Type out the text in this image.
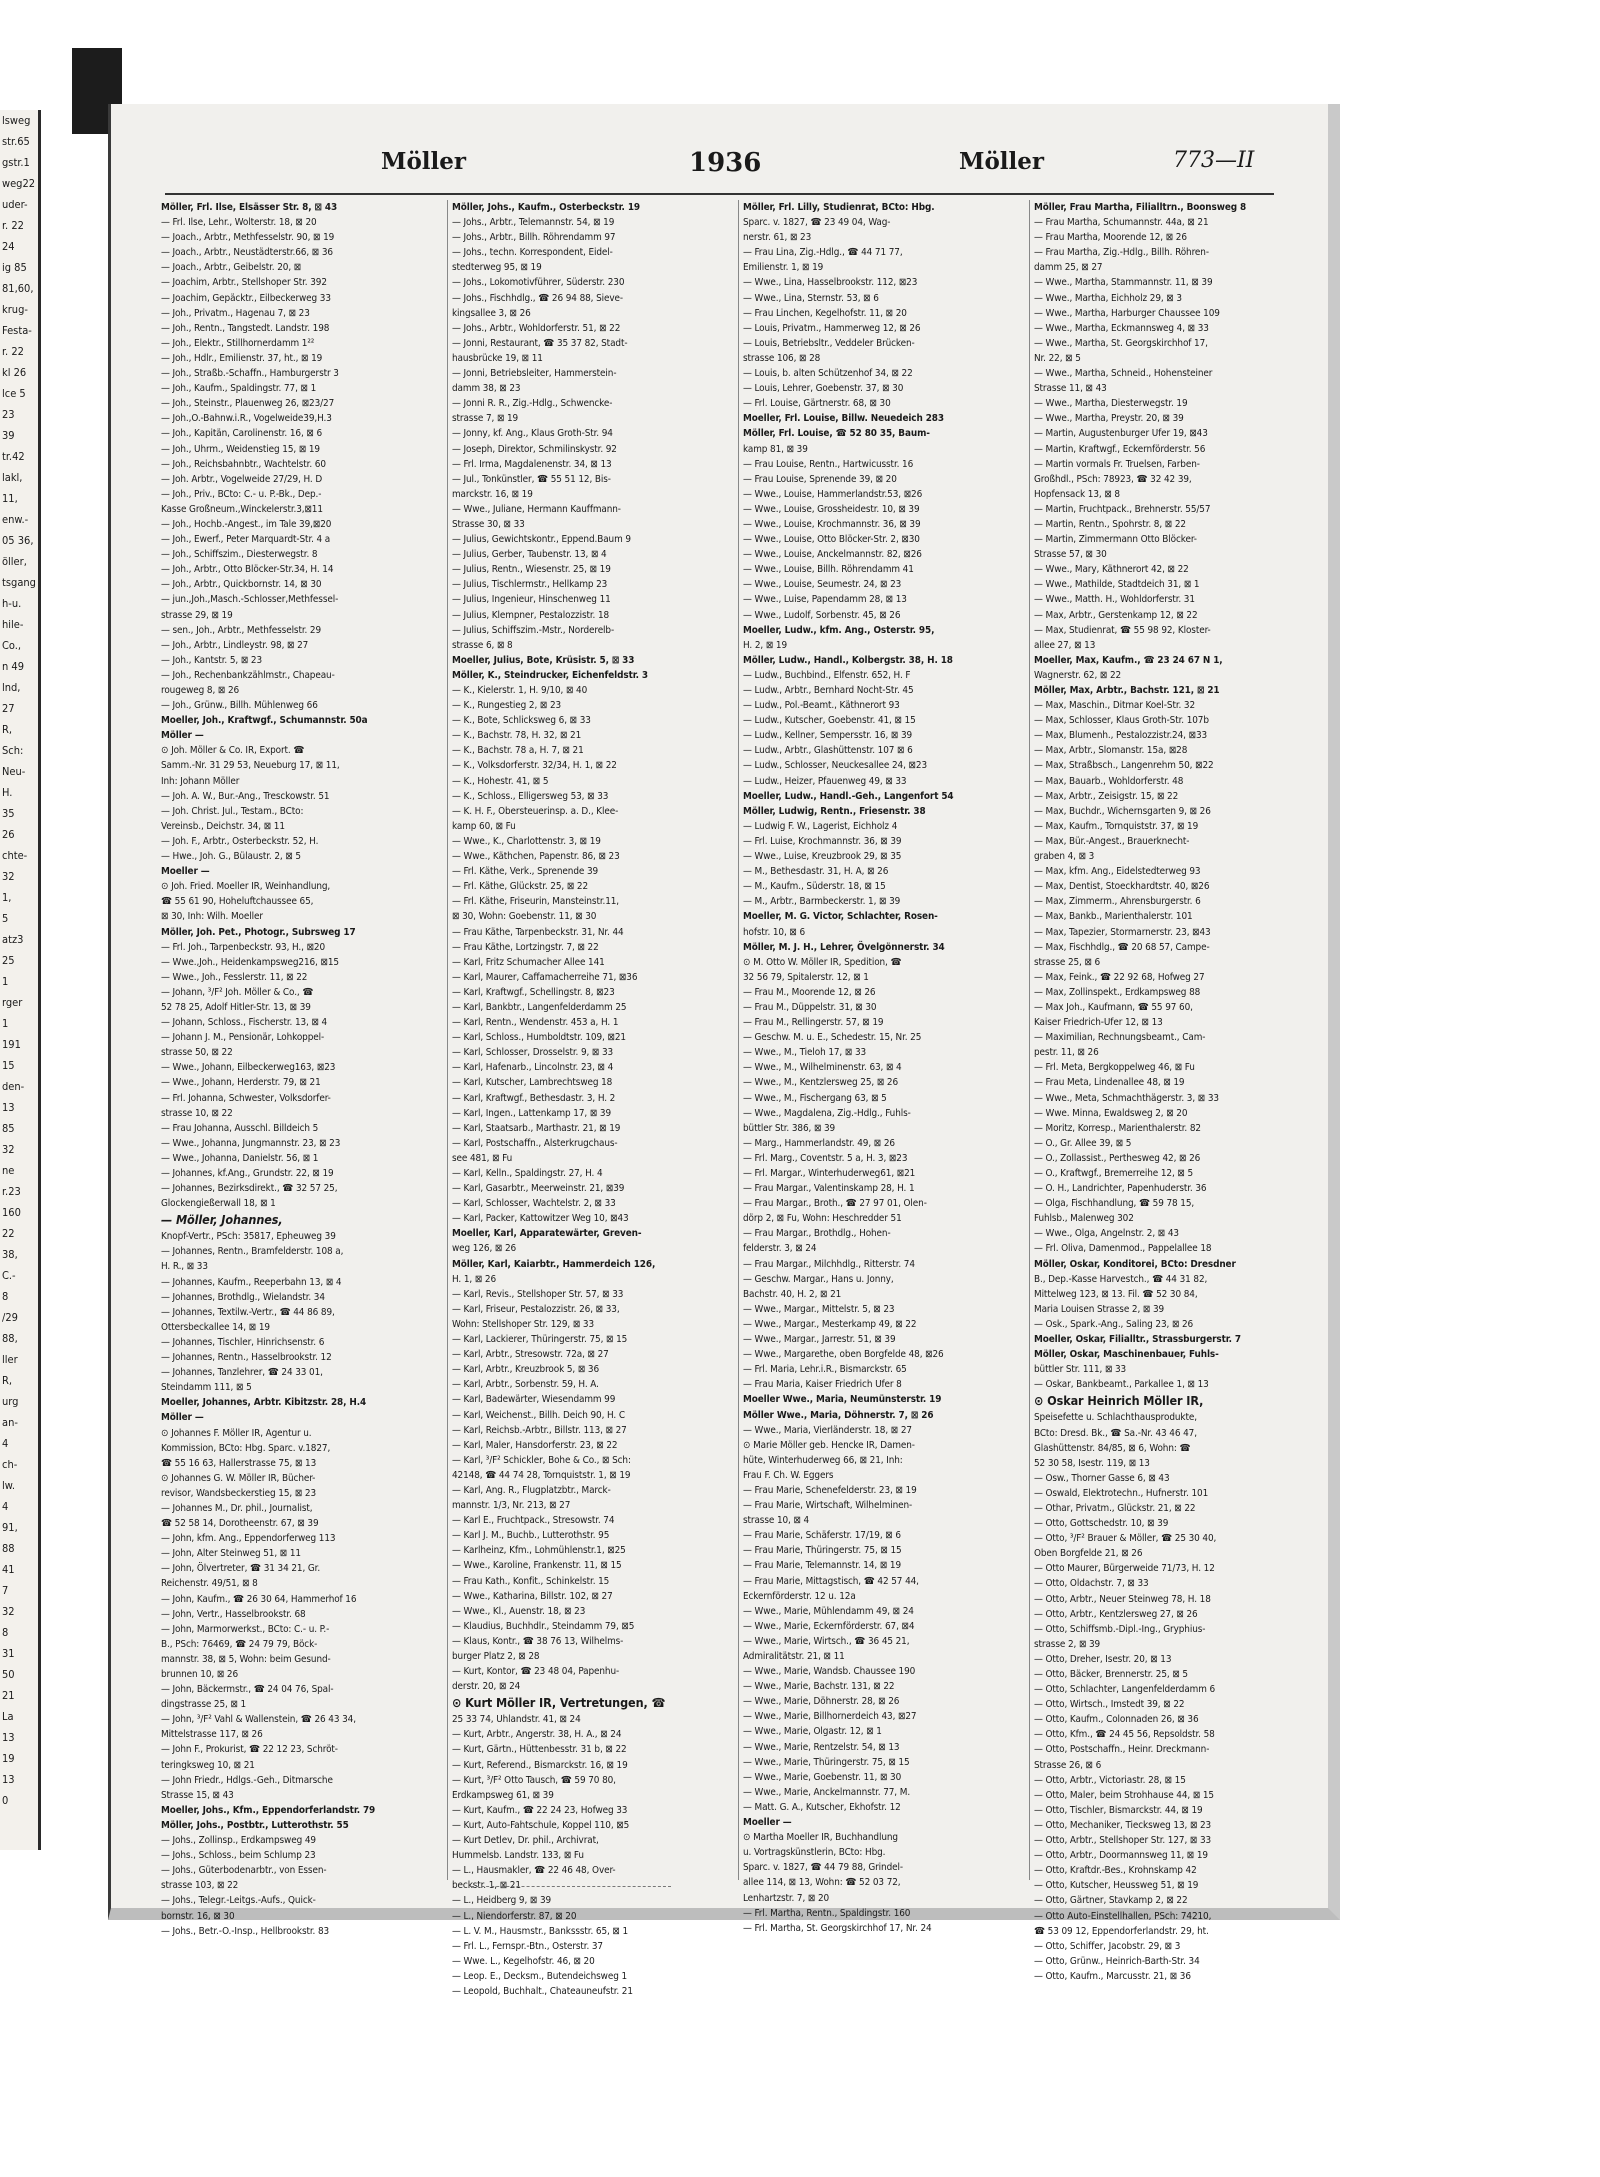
lsweg
str.65
gstr.1
weg22
uder-
r. 22
24
ig 85
81,60,
krug-
Festa-
r. 22
kl 26
lce 5
23
39
tr.42
lakl,
11,
enw.-
05 36,
öller,
tsgang
h-u.
hile-
Co.,
n 49
lnd,
27
R,
Sch:
Neu-
H.
35
26
chte-
32
1,
5
atz3
25
1
rger
1
191
15
den-
13
85
32
ne
r.23
160
22
38,
C.-
8
/29
88,
ller
R,
urg
an-
4
ch-
lw.
4
91,
88
41
7
32
8
31
50
21
La
13
19
13
0
Möller	1936	Möller	773—II
Möller, Frl. Ilse, Elsässer Str. 8, ⊠ 43
— Frl. Ilse, Lehr., Wolterstr. 18, ⊠ 20
— Joach., Arbtr., Methfesselstr. 90, ⊠ 19
— Joach., Arbtr., Neustädterstr.66, ⊠ 36
— Joach., Arbtr., Geibelstr. 20, ⊠
— Joachim, Arbtr., Stellshoper Str. 392
— Joachim, Gepäcktr., Eilbeckerweg 33
— Joh., Privatm., Hagenau 7, ⊠ 23
— Joh., Rentn., Tangstedt. Landstr. 198
— Joh., Elektr., Stillhornerdamm 1²²
— Joh., Hdlr., Emilienstr. 37, ht., ⊠ 19
— Joh., Straßb.-Schaffn., Hamburgerstr 3
— Joh., Kaufm., Spaldingstr. 77, ⊠ 1
— Joh., Steinstr., Plauenweg 26, ⊠23/27
— Joh.,O.-Bahnw.i.R., Vogelweide39,H.3
— Joh., Kapitän, Carolinenstr. 16, ⊠ 6
— Joh., Uhrm., Weidenstieg 15, ⊠ 19
— Joh., Reichsbahnbtr., Wachtelstr. 60
— Joh. Arbtr., Vogelweide 27/29, H. D
— Joh., Priv., BCto: C.- u. P.-Bk., Dep.-
Kasse Großneum.,Winckelerstr.3,⊠11
— Joh., Hochb.-Angest., im Tale 39,⊠20
— Joh., Ewerf., Peter Marquardt-Str. 4 a
— Joh., Schiffszim., Diesterwegstr. 8
— Joh., Arbtr., Otto Blöcker-Str.34, H. 14
— Joh., Arbtr., Quickbornstr. 14, ⊠ 30
— jun.,Joh.,Masch.-Schlosser,Methfessel-
strasse 29, ⊠ 19
— sen., Joh., Arbtr., Methfesselstr. 29
— Joh., Arbtr., Lindleystr. 98, ⊠ 27
— Joh., Kantstr. 5, ⊠ 23
— Joh., Rechenbankzählmstr., Chapeau-
rougeweg 8, ⊠ 26
— Joh., Grünw., Billh. Mühlenweg 66
Moeller, Joh., Kraftwgf., Schumannstr. 50a
Möller —
⊙ Joh. Möller & Co. IR, Export. ☎
Samm.-Nr. 31 29 53, Neueburg 17, ⊠ 11,
Inh: Johann Möller
— Joh. A. W., Bur.-Ang., Tresckowstr. 51
— Joh. Christ. Jul., Testam., BCto:
Vereinsb., Deichstr. 34, ⊠ 11
— Joh. F., Arbtr., Osterbeckstr. 52, H.
— Hwe., Joh. G., Bülaustr. 2, ⊠ 5
Moeller —
⊙ Joh. Fried. Moeller IR, Weinhandlung,
☎ 55 61 90, Hoheluftchaussee 65,
⊠ 30, Inh: Wilh. Moeller
Möller, Joh. Pet., Photogr., Subrsweg 17
— Frl. Joh., Tarpenbeckstr. 93, H., ⊠20
— Wwe.,Joh., Heidenkampsweg216, ⊠15
— Wwe., Joh., Fesslerstr. 11, ⊠ 22
— Johann, ³/F² Joh. Möller & Co., ☎
52 78 25, Adolf Hitler-Str. 13, ⊠ 39
— Johann, Schloss., Fischerstr. 13, ⊠ 4
— Johann J. M., Pensionär, Lohkoppel-
strasse 50, ⊠ 22
— Wwe., Johann, Eilbeckerweg163, ⊠23
— Wwe., Johann, Herderstr. 79, ⊠ 21
— Frl. Johanna, Schwester, Volksdorfer-
strasse 10, ⊠ 22
— Frau Johanna, Ausschl. Billdeich 5
— Wwe., Johanna, Jungmannstr. 23, ⊠ 23
— Wwe., Johanna, Danielstr. 56, ⊠ 1
— Johannes, kf.Ang., Grundstr. 22, ⊠ 19
— Johannes, Bezirksdirekt., ☎ 32 57 25,
Glockengießerwall 18, ⊠ 1
— Möller, Johannes,
Knopf-Vertr., PSch: 35817, Epheuweg 39
— Johannes, Rentn., Bramfelderstr. 108 a,
H. R., ⊠ 33
— Johannes, Kaufm., Reeperbahn 13, ⊠ 4
— Johannes, Brothdlg., Wielandstr. 34
— Johannes, Textilw.-Vertr., ☎ 44 86 89,
Ottersbeckallee 14, ⊠ 19
— Johannes, Tischler, Hinrichsenstr. 6
— Johannes, Rentn., Hasselbrookstr. 12
— Johannes, Tanzlehrer, ☎ 24 33 01,
Steindamm 111, ⊠ 5
Moeller, Johannes, Arbtr. Kibitzstr. 28, H.4
Möller —
⊙ Johannes F. Möller IR, Agentur u.
Kommission, BCto: Hbg. Sparc. v.1827,
☎ 55 16 63, Hallerstrasse 75, ⊠ 13
⊙ Johannes G. W. Möller IR, Bücher-
revisor, Wandsbeckerstieg 15, ⊠ 23
— Johannes M., Dr. phil., Journalist,
☎ 52 58 14, Dorotheenstr. 67, ⊠ 39
— John, kfm. Ang., Eppendorferweg 113
— John, Alter Steinweg 51, ⊠ 11
— John, Ölvertreter, ☎ 31 34 21, Gr.
Reichenstr. 49/51, ⊠ 8
— John, Kaufm., ☎ 26 30 64, Hammerhof 16
— John, Vertr., Hasselbrookstr. 68
— John, Marmorwerkst., BCto: C.- u. P.-
B., PSch: 76469, ☎ 24 79 79, Böck-
mannstr. 38, ⊠ 5, Wohn: beim Gesund-
brunnen 10, ⊠ 26
— John, Bäckermstr., ☎ 24 04 76, Spal-
dingstrasse 25, ⊠ 1
— John, ³/F² Vahl & Wallenstein, ☎ 26 43 34,
Mittelstrasse 117, ⊠ 26
— John F., Prokurist, ☎ 22 12 23, Schröt-
teringksweg 10, ⊠ 21
— John Friedr., Hdlgs.-Geh., Ditmarsche
Strasse 15, ⊠ 43
Moeller, Johs., Kfm., Eppendorferlandstr. 79
Möller, Johs., Postbtr., Lutterothstr. 55
— Johs., Zollinsp., Erdkampsweg 49
— Johs., Schloss., beim Schlump 23
— Johs., Güterbodenarbtr., von Essen-
strasse 103, ⊠ 22
— Johs., Telegr.-Leitgs.-Aufs., Quick-
bornstr. 16, ⊠ 30
— Johs., Betr.-O.-Insp., Hellbrookstr. 83
Möller, Johs., Kaufm., Osterbeckstr. 19
— Johs., Arbtr., Telemannstr. 54, ⊠ 19
— Johs., Arbtr., Billh. Röhrendamm 97
— Johs., techn. Korrespondent, Eidel-
stedterweg 95, ⊠ 19
— Johs., Lokomotivführer, Süderstr. 230
— Johs., Fischhdlg., ☎ 26 94 88, Sieve-
kingsallee 3, ⊠ 26
— Johs., Arbtr., Wohldorferstr. 51, ⊠ 22
— Jonni, Restaurant, ☎ 35 37 82, Stadt-
hausbrücke 19, ⊠ 11
— Jonni, Betriebsleiter, Hammerstein-
damm 38, ⊠ 23
— Jonni R. R., Zig.-Hdlg., Schwencke-
strasse 7, ⊠ 19
— Jonny, kf. Ang., Klaus Groth-Str. 94
— Joseph, Direktor, Schmilinskystr. 92
— Frl. Irma, Magdalenenstr. 34, ⊠ 13
— Jul., Tonkünstler, ☎ 55 51 12, Bis-
marckstr. 16, ⊠ 19
— Wwe., Juliane, Hermann Kauffmann-
Strasse 30, ⊠ 33
— Julius, Gewichtskontr., Eppend.Baum 9
— Julius, Gerber, Taubenstr. 13, ⊠ 4
— Julius, Rentn., Wiesenstr. 25, ⊠ 19
— Julius, Tischlermstr., Hellkamp 23
— Julius, Ingenieur, Hinschenweg 11
— Julius, Klempner, Pestalozzistr. 18
— Julius, Schiffszim.-Mstr., Norderelb-
strasse 6, ⊠ 8
Moeller, Julius, Bote, Krüsistr. 5, ⊠ 33
Möller, K., Steindrucker, Eichenfeldstr. 3
— K., Kielerstr. 1, H. 9/10, ⊠ 40
— K., Rungestieg 2, ⊠ 23
— K., Bote, Schlicksweg 6, ⊠ 33
— K., Bachstr. 78, H. 32, ⊠ 21
— K., Bachstr. 78 a, H. 7, ⊠ 21
— K., Volksdorferstr. 32/34, H. 1, ⊠ 22
— K., Hohestr. 41, ⊠ 5
— K., Schloss., Elligersweg 53, ⊠ 33
— K. H. F., Obersteuerinsp. a. D., Klee-
kamp 60, ⊠ Fu
— Wwe., K., Charlottenstr. 3, ⊠ 19
— Wwe., Käthchen, Papenstr. 86, ⊠ 23
— Frl. Käthe, Verk., Sprenende 39
— Frl. Käthe, Glückstr. 25, ⊠ 22
— Frl. Käthe, Friseurin, Mansteinstr.11,
⊠ 30, Wohn: Goebenstr. 11, ⊠ 30
— Frau Käthe, Tarpenbeckstr. 31, Nr. 44
— Frau Käthe, Lortzingstr. 7, ⊠ 22
— Karl, Fritz Schumacher Allee 141
— Karl, Maurer, Caffamacherreihe 71, ⊠36
— Karl, Kraftwgf., Schellingstr. 8, ⊠23
— Karl, Bankbtr., Langenfelderdamm 25
— Karl, Rentn., Wendenstr. 453 a, H. 1
— Karl, Schloss., Humboldtstr. 109, ⊠21
— Karl, Schlosser, Drosselstr. 9, ⊠ 33
— Karl, Hafenarb., Lincolnstr. 23, ⊠ 4
— Karl, Kutscher, Lambrechtsweg 18
— Karl, Kraftwgf., Bethesdastr. 3, H. 2
— Karl, Ingen., Lattenkamp 17, ⊠ 39
— Karl, Staatsarb., Marthastr. 21, ⊠ 19
— Karl, Postschaffn., Alsterkrugchaus-
see 481, ⊠ Fu
— Karl, Kelln., Spaldingstr. 27, H. 4
— Karl, Gasarbtr., Meerweinstr. 21, ⊠39
— Karl, Schlosser, Wachtelstr. 2, ⊠ 33
— Karl, Packer, Kattowitzer Weg 10, ⊠43
Moeller, Karl, Apparatewärter, Greven-
weg 126, ⊠ 26
Möller, Karl, Kaiarbtr., Hammerdeich 126,
H. 1, ⊠ 26
— Karl, Revis., Stellshoper Str. 57, ⊠ 33
— Karl, Friseur, Pestalozzistr. 26, ⊠ 33,
Wohn: Stellshoper Str. 129, ⊠ 33
— Karl, Lackierer, Thüringerstr. 75, ⊠ 15
— Karl, Arbtr., Stresowstr. 72a, ⊠ 27
— Karl, Arbtr., Kreuzbrook 5, ⊠ 36
— Karl, Arbtr., Sorbenstr. 59, H. A.
— Karl, Badewärter, Wiesendamm 99
— Karl, Weichenst., Billh. Deich 90, H. C
— Karl, Reichsb.-Arbtr., Billstr. 113, ⊠ 27
— Karl, Maler, Hansdorferstr. 23, ⊠ 22
— Karl, ³/F² Schickler, Bohe & Co., ⊠ Sch:
42148, ☎ 44 74 28, Tornquiststr. 1, ⊠ 19
— Karl, Ang. R., Flugplatzbtr., Marck-
mannstr. 1/3, Nr. 213, ⊠ 27
— Karl E., Fruchtpack., Stresowstr. 74
— Karl J. M., Buchb., Lutterothstr. 95
— Karlheinz, Kfm., Lohmühlenstr.1, ⊠25
— Wwe., Karoline, Frankenstr. 11, ⊠ 15
— Frau Kath., Konfit., Schinkelstr. 15
— Wwe., Katharina, Billstr. 102, ⊠ 27
— Wwe., Kl., Auenstr. 18, ⊠ 23
— Klaudius, Buchhdlr., Steindamm 79, ⊠5
— Klaus, Kontr., ☎ 38 76 13, Wilhelms-
burger Platz 2, ⊠ 28
— Kurt, Kontor, ☎ 23 48 04, Papenhu-
derstr. 20, ⊠ 24
⊙ Kurt Möller IR, Vertretungen, ☎
25 33 74, Uhlandstr. 41, ⊠ 24
— Kurt, Arbtr., Angerstr. 38, H. A., ⊠ 24
— Kurt, Gärtn., Hüttenbesstr. 31 b, ⊠ 22
— Kurt, Referend., Bismarckstr. 16, ⊠ 19
— Kurt, ³/F² Otto Tausch, ☎ 59 70 80,
Erdkampsweg 61, ⊠ 39
— Kurt, Kaufm., ☎ 22 24 23, Hofweg 33
— Kurt, Auto-Fahtschule, Koppel 110, ⊠5
— Kurt Detlev, Dr. phil., Archivrat,
Hummelsb. Landstr. 133, ⊠ Fu
— L., Hausmakler, ☎ 22 46 48, Over-
beckstr. 1, ⊠ 21
— L., Heidberg 9, ⊠ 39
— L., Niendorferstr. 87, ⊠ 20
— L. V. M., Hausmstr., Bankssstr. 65, ⊠ 1
— Frl. L., Fernspr.-Btn., Osterstr. 37
— Wwe. L., Kegelhofstr. 46, ⊠ 20
— Leop. E., Decksm., Butendeichsweg 1
— Leopold, Buchhalt., Chateauneufstr. 21
Möller, Frl. Lilly, Studienrat, BCto: Hbg.
Sparc. v. 1827, ☎ 23 49 04, Wag-
nerstr. 61, ⊠ 23
— Frau Lina, Zig.-Hdlg., ☎ 44 71 77,
Emilienstr. 1, ⊠ 19
— Wwe., Lina, Hasselbrookstr. 112, ⊠23
— Wwe., Lina, Sternstr. 53, ⊠ 6
— Frau Linchen, Kegelhofstr. 11, ⊠ 20
— Louis, Privatm., Hammerweg 12, ⊠ 26
— Louis, Betriebsltr., Veddeler Brücken-
strasse 106, ⊠ 28
— Louis, b. alten Schützenhof 34, ⊠ 22
— Louis, Lehrer, Goebenstr. 37, ⊠ 30
— Frl. Louise, Gärtnerstr. 68, ⊠ 30
Moeller, Frl. Louise, Billw. Neuedeich 283
Möller, Frl. Louise, ☎ 52 80 35, Baum-
kamp 81, ⊠ 39
— Frau Louise, Rentn., Hartwicusstr. 16
— Frau Louise, Sprenende 39, ⊠ 20
— Wwe., Louise, Hammerlandstr.53, ⊠26
— Wwe., Louise, Grossheidestr. 10, ⊠ 39
— Wwe., Louise, Krochmannstr. 36, ⊠ 39
— Wwe., Louise, Otto Blöcker-Str. 2, ⊠30
— Wwe., Louise, Anckelmannstr. 82, ⊠26
— Wwe., Louise, Billh. Röhrendamm 41
— Wwe., Louise, Seumestr. 24, ⊠ 23
— Wwe., Luise, Papendamm 28, ⊠ 13
— Wwe., Ludolf, Sorbenstr. 45, ⊠ 26
Moeller, Ludw., kfm. Ang., Osterstr. 95,
H. 2, ⊠ 19
Möller, Ludw., Handl., Kolbergstr. 38, H. 18
— Ludw., Buchbind., Elfenstr. 652, H. F
— Ludw., Arbtr., Bernhard Nocht-Str. 45
— Ludw., Pol.-Beamt., Käthnerort 93
— Ludw., Kutscher, Goebenstr. 41, ⊠ 15
— Ludw., Kellner, Sempersstr. 16, ⊠ 39
— Ludw., Arbtr., Glashüttenstr. 107 ⊠ 6
— Ludw., Schlosser, Neuckesallee 24, ⊠23
— Ludw., Heizer, Pfauenweg 49, ⊠ 33
Moeller, Ludw., Handl.-Geh., Langenfort 54
Möller, Ludwig, Rentn., Friesenstr. 38
— Ludwig F. W., Lagerist, Eichholz 4
— Frl. Luise, Krochmannstr. 36, ⊠ 39
— Wwe., Luise, Kreuzbrook 29, ⊠ 35
— M., Bethesdastr. 31, H. A, ⊠ 26
— M., Kaufm., Süderstr. 18, ⊠ 15
— M., Arbtr., Barmbeckerstr. 1, ⊠ 39
Moeller, M. G. Victor, Schlachter, Rosen-
hofstr. 10, ⊠ 6
Möller, M. J. H., Lehrer, Övelgönnerstr. 34
⊙ M. Otto W. Möller IR, Spedition, ☎
32 56 79, Spitalerstr. 12, ⊠ 1
— Frau M., Moorende 12, ⊠ 26
— Frau M., Düppelstr. 31, ⊠ 30
— Frau M., Rellingerstr. 57, ⊠ 19
— Geschw. M. u. E., Schedestr. 15, Nr. 25
— Wwe., M., Tieloh 17, ⊠ 33
— Wwe., M., Wilhelminenstr. 63, ⊠ 4
— Wwe., M., Kentzlersweg 25, ⊠ 26
— Wwe., M., Fischergang 63, ⊠ 5
— Wwe., Magdalena, Zig.-Hdlg., Fuhls-
büttler Str. 386, ⊠ 39
— Marg., Hammerlandstr. 49, ⊠ 26
— Frl. Marg., Coventstr. 5 a, H. 3, ⊠23
— Frl. Margar., Winterhuderweg61, ⊠21
— Frau Margar., Valentinskamp 28, H. 1
— Frau Margar., Broth., ☎ 27 97 01, Olen-
dörp 2, ⊠ Fu, Wohn: Heschredder 51
— Frau Margar., Brothdlg., Hohen-
felderstr. 3, ⊠ 24
— Frau Margar., Milchhdlg., Ritterstr. 74
— Geschw. Margar., Hans u. Jonny,
Bachstr. 40, H. 2, ⊠ 21
— Wwe., Margar., Mittelstr. 5, ⊠ 23
— Wwe., Margar., Mesterkamp 49, ⊠ 22
— Wwe., Margar., Jarrestr. 51, ⊠ 39
— Wwe., Margarethe, oben Borgfelde 48, ⊠26
— Frl. Maria, Lehr.i.R., Bismarckstr. 65
— Frau Maria, Kaiser Friedrich Ufer 8
Moeller Wwe., Maria, Neumünsterstr. 19
Möller Wwe., Maria, Döhnerstr. 7, ⊠ 26
— Wwe., Maria, Vierländerstr. 18, ⊠ 27
⊙ Marie Möller geb. Hencke IR, Damen-
hüte, Winterhuderweg 66, ⊠ 21, Inh:
Frau F. Ch. W. Eggers
— Frau Marie, Schenefelderstr. 23, ⊠ 19
— Frau Marie, Wirtschaft, Wilhelminen-
strasse 10, ⊠ 4
— Frau Marie, Schäferstr. 17/19, ⊠ 6
— Frau Marie, Thüringerstr. 75, ⊠ 15
— Frau Marie, Telemannstr. 14, ⊠ 19
— Frau Marie, Mittagstisch, ☎ 42 57 44,
Eckernförderstr. 12 u. 12a
— Wwe., Marie, Mühlendamm 49, ⊠ 24
— Wwe., Marie, Eckernförderstr. 67, ⊠4
— Wwe., Marie, Wirtsch., ☎ 36 45 21,
Admiralitätstr. 21, ⊠ 11
— Wwe., Marie, Wandsb. Chaussee 190
— Wwe., Marie, Bachstr. 131, ⊠ 22
— Wwe., Marie, Döhnerstr. 28, ⊠ 26
— Wwe., Marie, Billhornerdeich 43, ⊠27
— Wwe., Marie, Olgastr. 12, ⊠ 1
— Wwe., Marie, Rentzelstr. 54, ⊠ 13
— Wwe., Marie, Thüringerstr. 75, ⊠ 15
— Wwe., Marie, Goebenstr. 11, ⊠ 30
— Wwe., Marie, Anckelmannstr. 77, M.
— Matt. G. A., Kutscher, Ekhofstr. 12
Moeller —
⊙ Martha Moeller IR, Buchhandlung
u. Vortragskünstlerin, BCto: Hbg.
Sparc. v. 1827, ☎ 44 79 88, Grindel-
allee 114, ⊠ 13, Wohn: ☎ 52 03 72,
Lenhartzstr. 7, ⊠ 20
— Frl. Martha, Rentn., Spaldingstr. 160
— Frl. Martha, St. Georgskirchhof 17, Nr. 24
Möller, Frau Martha, Filialltrn., Boonsweg 8
— Frau Martha, Schumannstr. 44a, ⊠ 21
— Frau Martha, Moorende 12, ⊠ 26
— Frau Martha, Zig.-Hdlg., Billh. Röhren-
damm 25, ⊠ 27
— Wwe., Martha, Stammannstr. 11, ⊠ 39
— Wwe., Martha, Eichholz 29, ⊠ 3
— Wwe., Martha, Harburger Chaussee 109
— Wwe., Martha, Eckmannsweg 4, ⊠ 33
— Wwe., Martha, St. Georgskirchhof 17,
Nr. 22, ⊠ 5
— Wwe., Martha, Schneid., Hohensteiner
Strasse 11, ⊠ 43
— Wwe., Martha, Diesterwegstr. 19
— Wwe., Martha, Preystr. 20, ⊠ 39
— Martin, Augustenburger Ufer 19, ⊠43
— Martin, Kraftwgf., Eckernförderstr. 56
— Martin vormals Fr. Truelsen, Farben-
Großhdl., PSch: 78923, ☎ 32 42 39,
Hopfensack 13, ⊠ 8
— Martin, Fruchtpack., Brehnerstr. 55/57
— Martin, Rentn., Spohrstr. 8, ⊠ 22
— Martin, Zimmermann Otto Blöcker-
Strasse 57, ⊠ 30
— Wwe., Mary, Käthnerort 42, ⊠ 22
— Wwe., Mathilde, Stadtdeich 31, ⊠ 1
— Wwe., Matth. H., Wohldorferstr. 31
— Max, Arbtr., Gerstenkamp 12, ⊠ 22
— Max, Studienrat, ☎ 55 98 92, Kloster-
allee 27, ⊠ 13
Moeller, Max, Kaufm., ☎ 23 24 67 N 1,
Wagnerstr. 62, ⊠ 22
Möller, Max, Arbtr., Bachstr. 121, ⊠ 21
— Max, Maschin., Ditmar Koel-Str. 32
— Max, Schlosser, Klaus Groth-Str. 107b
— Max, Blumenh., Pestalozzistr.24, ⊠33
— Max, Arbtr., Slomanstr. 15a, ⊠28
— Max, Straßbsch., Langenrehm 50, ⊠22
— Max, Bauarb., Wohldorferstr. 48
— Max, Arbtr., Zeisigstr. 15, ⊠ 22
— Max, Buchdr., Wichernsgarten 9, ⊠ 26
— Max, Kaufm., Tornquiststr. 37, ⊠ 19
— Max, Bür.-Angest., Brauerknecht-
graben 4, ⊠ 3
— Max, kfm. Ang., Eidelstedterweg 93
— Max, Dentist, Stoeckhardtstr. 40, ⊠26
— Max, Zimmerm., Ahrensburgerstr. 6
— Max, Bankb., Marienthalerstr. 101
— Max, Tapezier, Stormarnerstr. 23, ⊠43
— Max, Fischhdlg., ☎ 20 68 57, Campe-
strasse 25, ⊠ 6
— Max, Feink., ☎ 22 92 68, Hofweg 27
— Max, Zollinspekt., Erdkampsweg 88
— Max Joh., Kaufmann, ☎ 55 97 60,
Kaiser Friedrich-Ufer 12, ⊠ 13
— Maximilian, Rechnungsbeamt., Cam-
pestr. 11, ⊠ 26
— Frl. Meta, Bergkoppelweg 46, ⊠ Fu
— Frau Meta, Lindenallee 48, ⊠ 19
— Wwe., Meta, Schmachthägerstr. 3, ⊠ 33
— Wwe. Minna, Ewaldsweg 2, ⊠ 20
— Moritz, Korresp., Marienthalerstr. 82
— O., Gr. Allee 39, ⊠ 5
— O., Zollassist., Perthesweg 42, ⊠ 26
— O., Kraftwgf., Bremerreihe 12, ⊠ 5
— O. H., Landrichter, Papenhuderstr. 36
— Olga, Fischhandlung, ☎ 59 78 15,
Fuhlsb., Malenweg 302
— Wwe., Olga, Angelnstr. 2, ⊠ 43
— Frl. Oliva, Damenmod., Pappelallee 18
Möller, Oskar, Konditorei, BCto: Dresdner
B., Dep.-Kasse Harvestch., ☎ 44 31 82,
Mittelweg 123, ⊠ 13. Fil. ☎ 52 30 84,
Maria Louisen Strasse 2, ⊠ 39
— Osk., Spark.-Ang., Saling 23, ⊠ 26
Moeller, Oskar, Filialltr., Strassburgerstr. 7
Möller, Oskar, Maschinenbauer, Fuhls-
büttler Str. 111, ⊠ 33
— Oskar, Bankbeamt., Parkallee 1, ⊠ 13
⊙ Oskar Heinrich Möller IR,
Speisefette u. Schlachthausprodukte,
BCto: Dresd. Bk., ☎ Sa.-Nr. 43 46 47,
Glashüttenstr. 84/85, ⊠ 6, Wohn: ☎
52 30 58, Isestr. 119, ⊠ 13
— Osw., Thorner Gasse 6, ⊠ 43
— Oswald, Elektrotechn., Hufnerstr. 101
— Othar, Privatm., Glückstr. 21, ⊠ 22
— Otto, Gottschedstr. 10, ⊠ 39
— Otto, ³/F² Brauer & Möller, ☎ 25 30 40,
Oben Borgfelde 21, ⊠ 26
— Otto Maurer, Bürgerweide 71/73, H. 12
— Otto, Oldachstr. 7, ⊠ 33
— Otto, Arbtr., Neuer Steinweg 78, H. 18
— Otto, Arbtr., Kentzlersweg 27, ⊠ 26
— Otto, Schiffsmb.-Dipl.-Ing., Gryphius-
strasse 2, ⊠ 39
— Otto, Dreher, Isestr. 20, ⊠ 13
— Otto, Bäcker, Brennerstr. 25, ⊠ 5
— Otto, Schlachter, Langenfelderdamm 6
— Otto, Wirtsch., Imstedt 39, ⊠ 22
— Otto, Kaufm., Colonnaden 26, ⊠ 36
— Otto, Kfm., ☎ 24 45 56, Repsoldstr. 58
— Otto, Postschaffn., Heinr. Dreckmann-
Strasse 26, ⊠ 6
— Otto, Arbtr., Victoriastr. 28, ⊠ 15
— Otto, Maler, beim Strohhause 44, ⊠ 15
— Otto, Tischler, Bismarckstr. 44, ⊠ 19
— Otto, Mechaniker, Tiecksweg 13, ⊠ 23
— Otto, Arbtr., Stellshoper Str. 127, ⊠ 33
— Otto, Arbtr., Doormannsweg 11, ⊠ 19
— Otto, Kraftdr.-Bes., Krohnskamp 42
— Otto, Kutscher, Heussweg 51, ⊠ 19
— Otto, Gärtner, Stavkamp 2, ⊠ 22
— Otto Auto-Einstellhallen, PSch: 74210,
☎ 53 09 12, Eppendorferlandstr. 29, ht.
— Otto, Schiffer, Jacobstr. 29, ⊠ 3
— Otto, Grünw., Heinrich-Barth-Str. 34
— Otto, Kaufm., Marcusstr. 21, ⊠ 36
